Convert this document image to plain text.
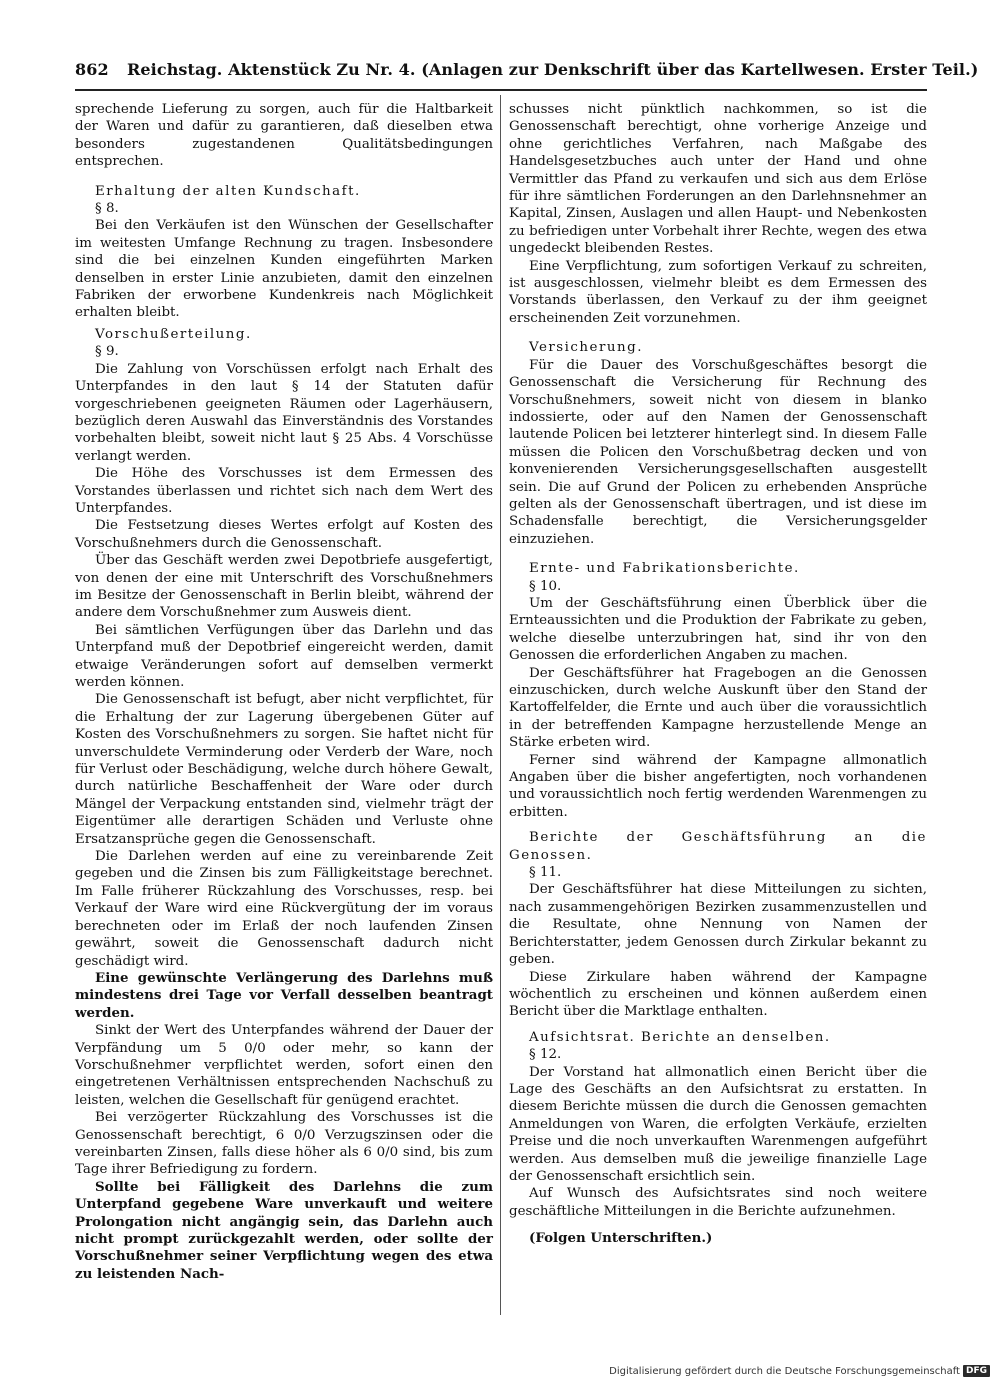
862 Reichstag. Aktenstück Zu Nr. 4. (Anlagen zur Denkschrift über das Kartellwesen. Erster Teil.)

sprechende Lieferung zu sorgen, auch für die Haltbarkeit der Waren und dafür zu garantieren, daß dieselben etwa besonders zugestandenen Qualitätsbedingungen entsprechen.

Erhaltung der alten Kundschaft.

§ 8.

Bei den Verkäufen ist den Wünschen der Gesellschafter im weitesten Umfange Rechnung zu tragen. Insbesondere sind die bei einzelnen Kunden eingeführten Marken denselben in erster Linie anzubieten, damit den einzelnen Fabriken der erworbene Kundenkreis nach Möglichkeit erhalten bleibt.

Vorschußerteilung.

§ 9.

Die Zahlung von Vorschüssen erfolgt nach Erhalt des Unterpfandes in den laut § 14 der Statuten dafür vorgeschriebenen geeigneten Räumen oder Lagerhäusern, bezüglich deren Auswahl das Einverständnis des Vorstandes vorbehalten bleibt, soweit nicht laut § 25 Abs. 4 Vorschüsse verlangt werden.

Die Höhe des Vorschusses ist dem Ermessen des Vorstandes überlassen und richtet sich nach dem Wert des Unterpfandes.

Die Festsetzung dieses Wertes erfolgt auf Kosten des Vorschußnehmers durch die Genossenschaft.

Über das Geschäft werden zwei Depotbriefe ausgefertigt, von denen der eine mit Unterschrift des Vorschußnehmers im Besitze der Genossenschaft in Berlin bleibt, während der andere dem Vorschußnehmer zum Ausweis dient.

Bei sämtlichen Verfügungen über das Darlehn und das Unterpfand muß der Depotbrief eingereicht werden, damit etwaige Veränderungen sofort auf demselben vermerkt werden können.

Die Genossenschaft ist befugt, aber nicht verpflichtet, für die Erhaltung der zur Lagerung übergebenen Güter auf Kosten des Vorschußnehmers zu sorgen. Sie haftet nicht für unverschuldete Verminderung oder Verderb der Ware, noch für Verlust oder Beschädigung, welche durch höhere Gewalt, durch natürliche Beschaffenheit der Ware oder durch Mängel der Verpackung entstanden sind, vielmehr trägt der Eigentümer alle derartigen Schäden und Verluste ohne Ersatzansprüche gegen die Genossenschaft.

Die Darlehen werden auf eine zu vereinbarende Zeit gegeben und die Zinsen bis zum Fälligkeitstage berechnet. Im Falle früherer Rückzahlung des Vorschusses, resp. bei Verkauf der Ware wird eine Rückvergütung der im voraus berechneten oder im Erlaß der noch laufenden Zinsen gewährt, soweit die Genossenschaft dadurch nicht geschädigt wird.

Eine gewünschte Verlängerung des Darlehns muß mindestens drei Tage vor Verfall desselben beantragt werden.

Sinkt der Wert des Unterpfandes während der Dauer der Verpfändung um 5 0/0 oder mehr, so kann der Vorschußnehmer verpflichtet werden, sofort einen den eingetretenen Verhältnissen entsprechenden Nachschuß zu leisten, welchen die Gesellschaft für genügend erachtet.

Bei verzögerter Rückzahlung des Vorschusses ist die Genossenschaft berechtigt, 6 0/0 Verzugszinsen oder die vereinbarten Zinsen, falls diese höher als 6 0/0 sind, bis zum Tage ihrer Befriedigung zu fordern.

Sollte bei Fälligkeit des Darlehns die zum Unterpfand gegebene Ware unverkauft und weitere Prolongation nicht angängig sein, das Darlehn auch nicht prompt zurückgezahlt werden, oder sollte der Vorschußnehmer seiner Verpflichtung wegen des etwa zu leistenden Nach-

schusses nicht pünktlich nachkommen, so ist die Genossenschaft berechtigt, ohne vorherige Anzeige und ohne gerichtliches Verfahren, nach Maßgabe des Handelsgesetzbuches auch unter der Hand und ohne Vermittler das Pfand zu verkaufen und sich aus dem Erlöse für ihre sämtlichen Forderungen an den Darlehnsnehmer an Kapital, Zinsen, Auslagen und allen Haupt- und Nebenkosten zu befriedigen unter Vorbehalt ihrer Rechte, wegen des etwa ungedeckt bleibenden Restes.

Eine Verpflichtung, zum sofortigen Verkauf zu schreiten, ist ausgeschlossen, vielmehr bleibt es dem Ermessen des Vorstands überlassen, den Verkauf zu der ihm geeignet erscheinenden Zeit vorzunehmen.

Versicherung.

Für die Dauer des Vorschußgeschäftes besorgt die Genossenschaft die Versicherung für Rechnung des Vorschußnehmers, soweit nicht von diesem in blanko indossierte, oder auf den Namen der Genossenschaft lautende Policen bei letzterer hinterlegt sind. In diesem Falle müssen die Policen den Vorschußbetrag decken und von konvenierenden Versicherungsgesellschaften ausgestellt sein. Die auf Grund der Policen zu erhebenden Ansprüche gelten als der Genossenschaft übertragen, und ist diese im Schadensfalle berechtigt, die Versicherungsgelder einzuziehen.

Ernte- und Fabrikationsberichte.

§ 10.

Um der Geschäftsführung einen Überblick über die Ernteaussichten und die Produktion der Fabrikate zu geben, welche dieselbe unterzubringen hat, sind ihr von den Genossen die erforderlichen Angaben zu machen.

Der Geschäftsführer hat Fragebogen an die Genossen einzuschicken, durch welche Auskunft über den Stand der Kartoffelfelder, die Ernte und auch über die voraussichtlich in der betreffenden Kampagne herzustellende Menge an Stärke erbeten wird.

Ferner sind während der Kampagne allmonatlich Angaben über die bisher angefertigten, noch vorhandenen und voraussichtlich noch fertig werdenden Warenmengen zu erbitten.

Berichte der Geschäftsführung an die Genossen.

§ 11.

Der Geschäftsführer hat diese Mitteilungen zu sichten, nach zusammengehörigen Bezirken zusammenzustellen und die Resultate, ohne Nennung von Namen der Berichterstatter, jedem Genossen durch Zirkular bekannt zu geben.

Diese Zirkulare haben während der Kampagne wöchentlich zu erscheinen und können außerdem einen Bericht über die Marktlage enthalten.

Aufsichtsrat. Berichte an denselben.

§ 12.

Der Vorstand hat allmonatlich einen Bericht über die Lage des Geschäfts an den Aufsichtsrat zu erstatten. In diesem Berichte müssen die durch die Genossen gemachten Anmeldungen von Waren, die erfolgten Verkäufe, erzielten Preise und die noch unverkauften Warenmengen aufgeführt werden. Aus demselben muß die jeweilige finanzielle Lage der Genossenschaft ersichtlich sein.

Auf Wunsch des Aufsichtsrates sind noch weitere geschäftliche Mitteilungen in die Berichte aufzunehmen.

(Folgen Unterschriften.)

Digitalisierung gefördert durch die Deutsche Forschungsgemeinschaft DFG
